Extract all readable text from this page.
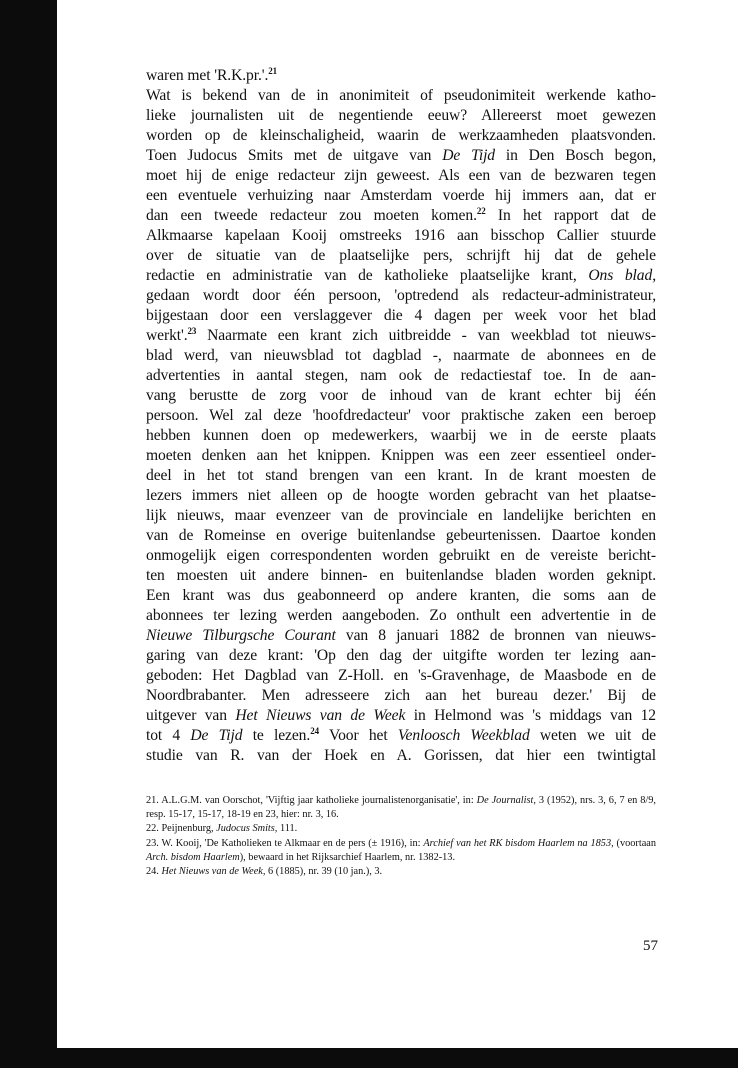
waren met 'R.K.pr.'.$^{21}$
Wat is bekend van de in anonimiteit of pseudonimiteit werkende katho-
lieke journalisten uit de negentiende eeuw? Allereerst moet gewezen
worden op de kleinschaligheid, waarin de werkzaamheden plaatsvonden.
Toen Judocus Smits met de uitgave van De Tijd in Den Bosch begon,
moet hij de enige redacteur zijn geweest. Als een van de bezwaren tegen
een eventuele verhuizing naar Amsterdam voerde hij immers aan, dat er
dan een tweede redacteur zou moeten komen.$^{22}$ In het rapport dat de
Alkmaarse kapelaan Kooij omstreeks 1916 aan bisschop Callier stuurde
over de situatie van de plaatselijke pers, schrijft hij dat de gehele
redactie en administratie van de katholieke plaatselijke krant, Ons blad,
gedaan wordt door één persoon, 'optredend als redacteur-administrateur,
bijgestaan door een verslaggever die 4 dagen per week voor het blad
werkt'.$^{23}$ Naarmate een krant zich uitbreidde - van weekblad tot nieuws-
blad werd, van nieuwsblad tot dagblad -, naarmate de abonnees en de
advertenties in aantal stegen, nam ook de redactiestaf toe. In de aan-
vang berustte de zorg voor de inhoud van de krant echter bij één
persoon. Wel zal deze 'hoofdredacteur' voor praktische zaken een beroep
hebben kunnen doen op medewerkers, waarbij we in de eerste plaats
moeten denken aan het knippen. Knippen was een zeer essentieel onder-
deel in het tot stand brengen van een krant. In de krant moesten de
lezers immers niet alleen op de hoogte worden gebracht van het plaatse-
lijk nieuws, maar evenzeer van de provinciale en landelijke berichten en
van de Romeinse en overige buitenlandse gebeurtenissen. Daartoe konden
onmogelijk eigen correspondenten worden gebruikt en de vereiste bericht-
ten moesten uit andere binnen- en buitenlandse bladen worden geknipt.
Een krant was dus geabonneerd op andere kranten, die soms aan de
abonnees ter lezing werden aangeboden. Zo onthult een advertentie in de
Nieuwe Tilburgsche Courant van 8 januari 1882 de bronnen van nieuws-
garing van deze krant: 'Op den dag der uitgifte worden ter lezing aan-
geboden: Het Dagblad van Z-Holl. en 's-Gravenhage, de Maasbode en de
Noordbrabanter. Men adresseere zich aan het bureau dezer.' Bij de
uitgever van Het Nieuws van de Week in Helmond was 's middags van 12
tot 4 De Tijd te lezen.$^{24}$ Voor het Venloosch Weekblad weten we uit de
studie van R. van der Hoek en A. Gorissen, dat hier een twintigtal

21. A.L.G.M. van Oorschot, 'Vijftig jaar katholieke journalistenorganisatie', in: De Journalist, 3 (1952), nrs. 3, 6, 7 en 8/9, resp. 15-17, 15-17, 18-19 en 23, hier: nr. 3, 16.

22. Peijnenburg, Judocus Smits, 111.

23. W. Kooij, 'De Katholieken te Alkmaar en de pers (± 1916), in: Archief van het RK bisdom Haarlem na 1853, (voortaan Arch. bisdom Haarlem), bewaard in het Rijksarchief Haarlem, nr. 1382-13.

24. Het Nieuws van de Week, 6 (1885), nr. 39 (10 jan.), 3.

57
